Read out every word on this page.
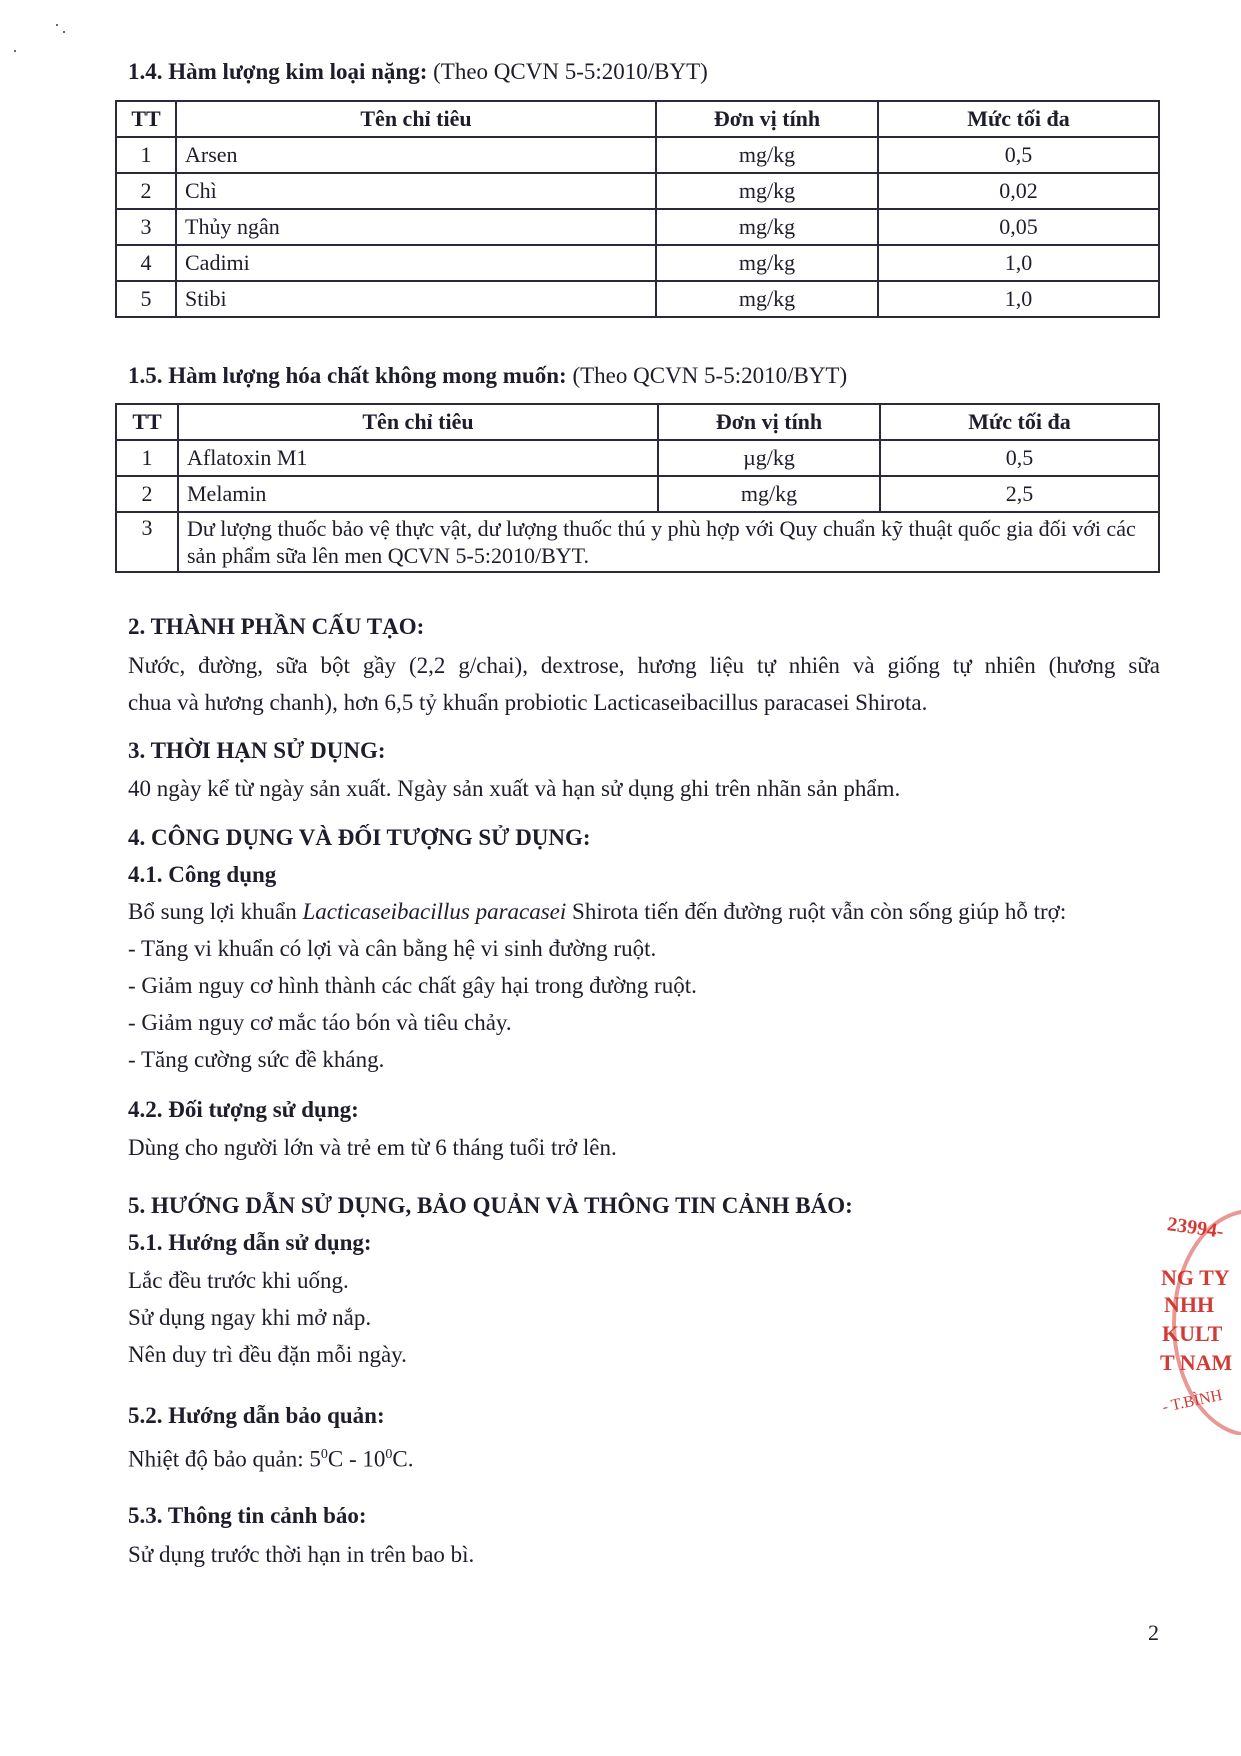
1.4. Hàm lượng kim loại nặng: (Theo QCVN 5-5:2010/BYT)
TT	Tên chỉ tiêu	Đơn vị tính	Mức tối đa
1	Arsen	mg/kg	0,5
2	Chì	mg/kg	0,02
3	Thủy ngân	mg/kg	0,05
4	Cadimi	mg/kg	1,0
5	Stibi	mg/kg	1,0
1.5. Hàm lượng hóa chất không mong muốn: (Theo QCVN 5-5:2010/BYT)
TT	Tên chỉ tiêu	Đơn vị tính	Mức tối đa
1	Aflatoxin M1	µg/kg	0,5
2	Melamin	mg/kg	2,5
3	Dư lượng thuốc bảo vệ thực vật, dư lượng thuốc thú y phù hợp với Quy chuẩn kỹ thuật quốc gia đối với các sản phẩm sữa lên men QCVN 5-5:2010/BYT.		
2. THÀNH PHẦN CẤU TẠO:
Nước, đường, sữa bột gầy (2,2 g/chai), dextrose, hương liệu tự nhiên và giống tự nhiên (hương sữa
chua và hương chanh), hơn 6,5 tỷ khuẩn probiotic Lacticaseibacillus paracasei Shirota.
3. THỜI HẠN SỬ DỤNG:
40 ngày kể từ ngày sản xuất. Ngày sản xuất và hạn sử dụng ghi trên nhãn sản phẩm.
4. CÔNG DỤNG VÀ ĐỐI TƯỢNG SỬ DỤNG:
4.1. Công dụng
Bổ sung lợi khuẩn Lacticaseibacillus paracasei Shirota tiến đến đường ruột vẫn còn sống giúp hỗ trợ:
- Tăng vi khuẩn có lợi và cân bằng hệ vi sinh đường ruột.
- Giảm nguy cơ hình thành các chất gây hại trong đường ruột.
- Giảm nguy cơ mắc táo bón và tiêu chảy.
- Tăng cường sức đề kháng.
4.2. Đối tượng sử dụng:
Dùng cho người lớn và trẻ em từ 6 tháng tuổi trở lên.
5. HƯỚNG DẪN SỬ DỤNG, BẢO QUẢN VÀ THÔNG TIN CẢNH BÁO:
5.1. Hướng dẫn sử dụng:
Lắc đều trước khi uống.
Sử dụng ngay khi mở nắp.
Nên duy trì đều đặn mỗi ngày.
5.2. Hướng dẫn bảo quản:
Nhiệt độ bảo quản: $5^0C - 10^0C$.
5.3. Thông tin cảnh báo:
Sử dụng trước thời hạn in trên bao bì.
23994-
NG TY
NHH
KULT
T NAM
- T.BÌNH
2
